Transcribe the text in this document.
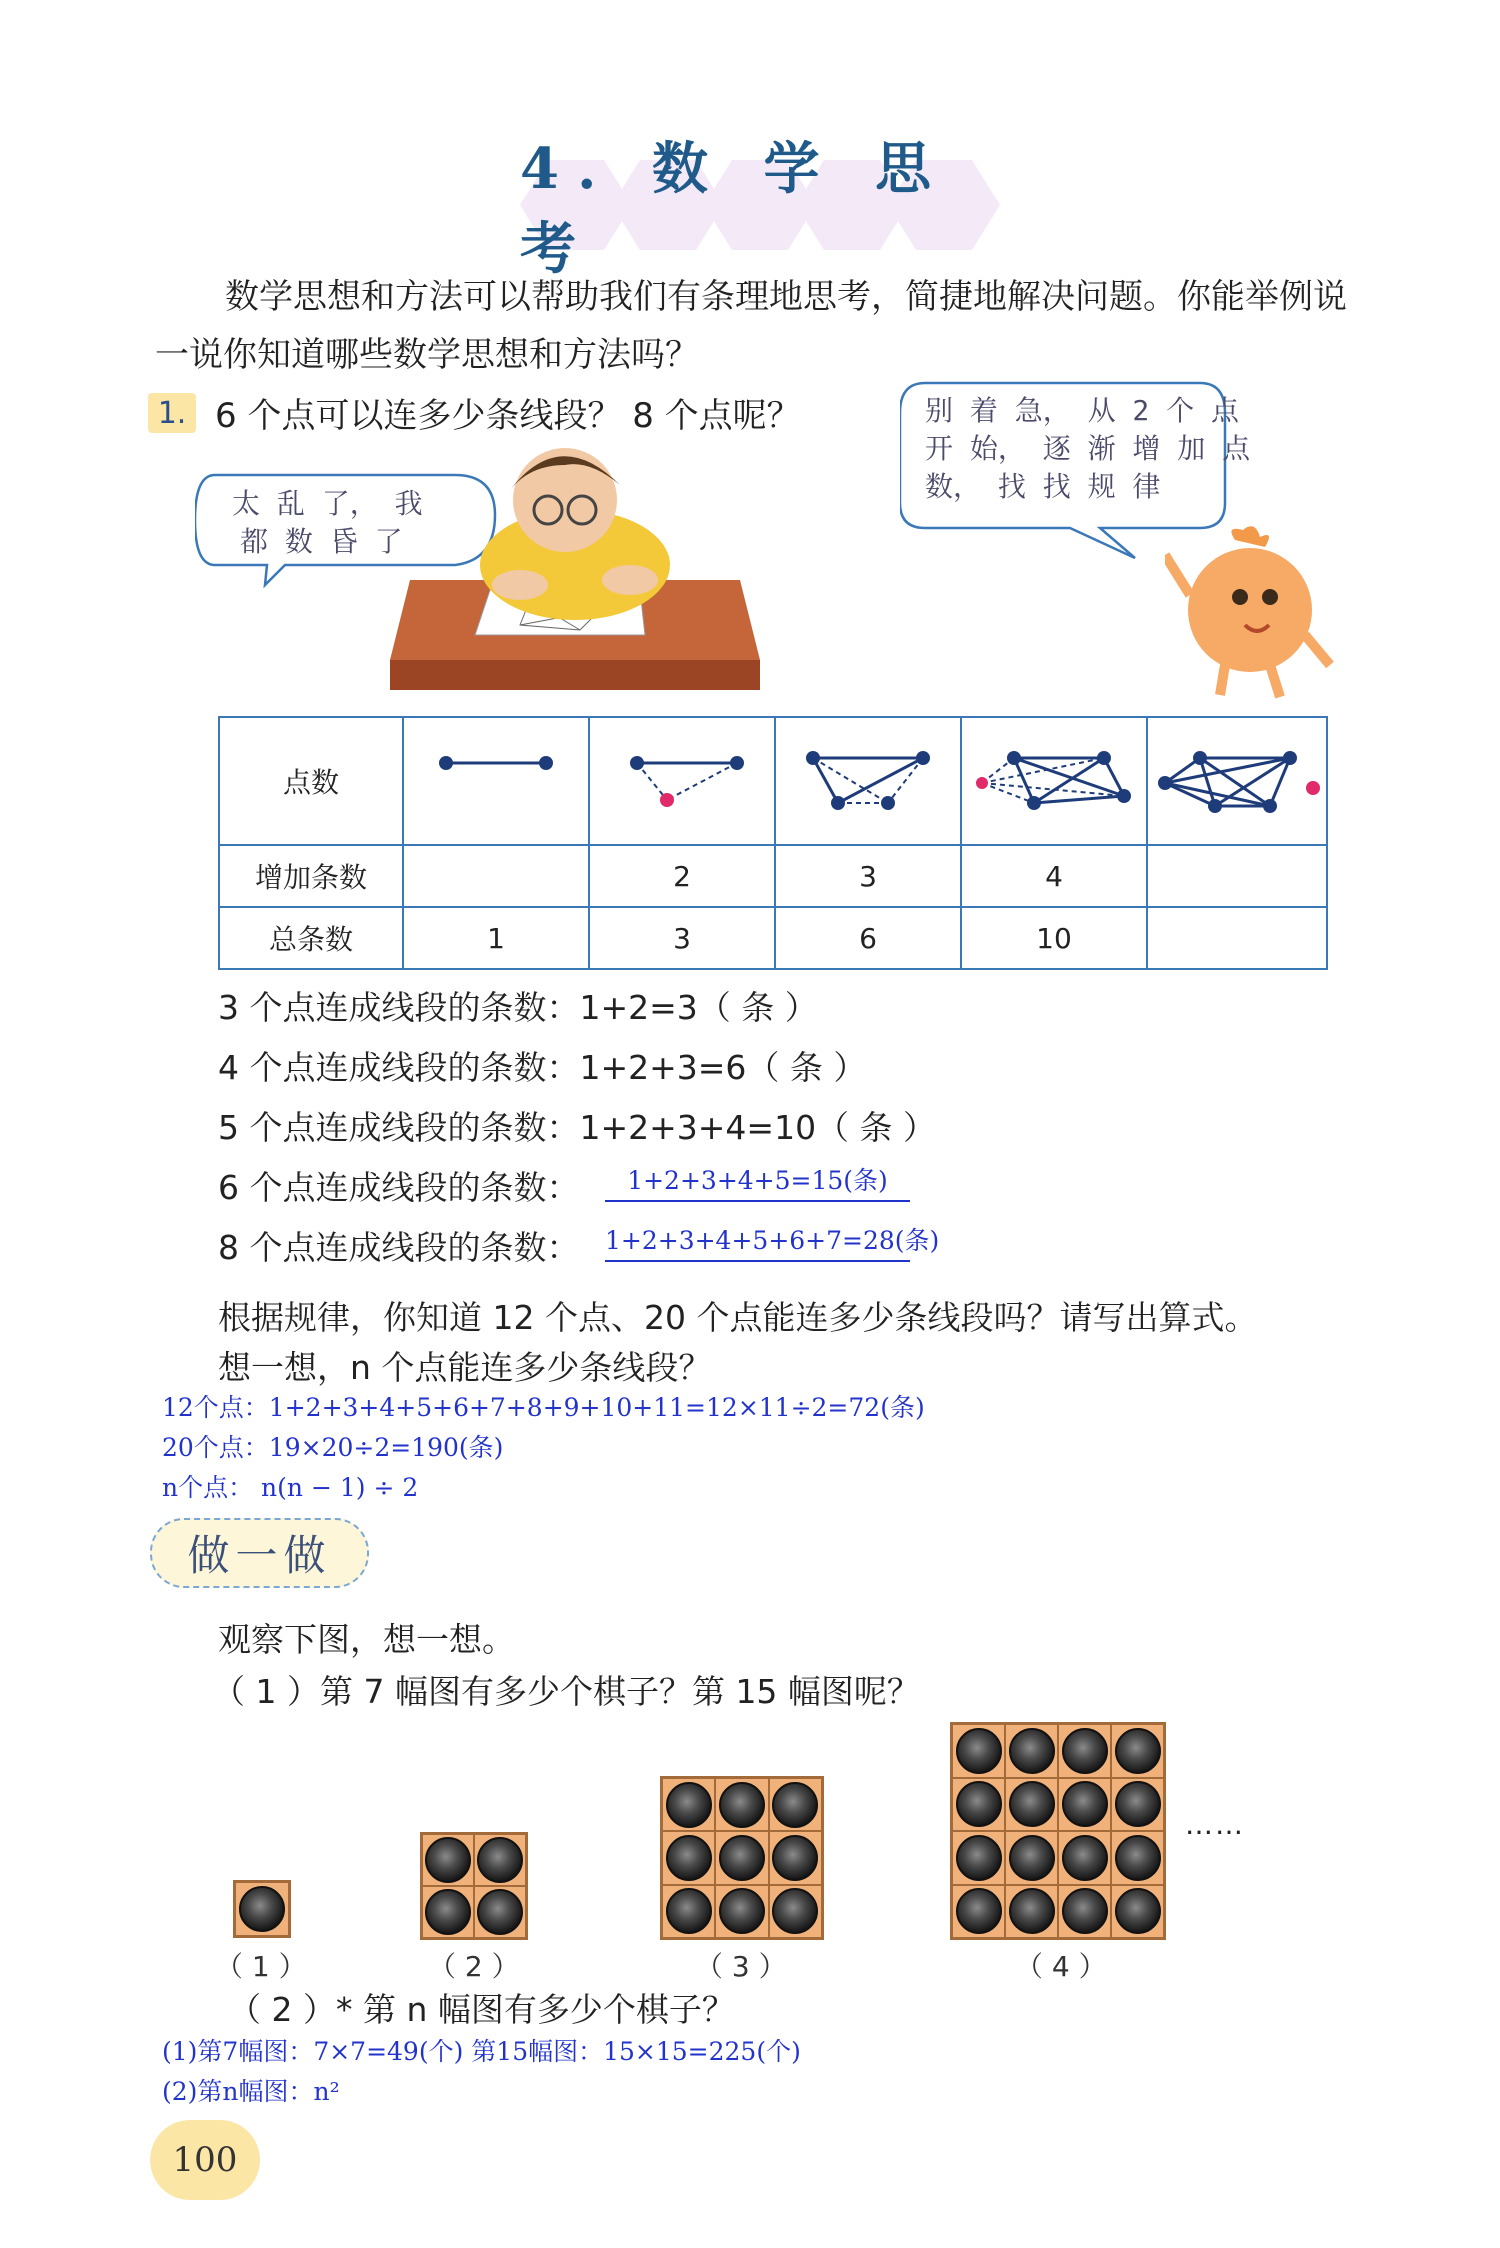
4. 数 学 思 考
数学思想和方法可以帮助我们有条理地思考，简捷地解决问题。你能举例说一说你知道哪些数学思想和方法吗？
1. 6 个点可以连多少条线段？ 8 个点呢？
太 乱 了， 我
都 数 昏 了
别 着 急， 从 2 个 点
开 始， 逐 渐 增 加 点
数， 找 找 规 律
点数					
增加条数		2	3	4	
总条数	1	3	6	10	
3 个点连成线段的条数：1+2=3（ 条 ）
4 个点连成线段的条数：1+2+3=6（ 条 ）
5 个点连成线段的条数：1+2+3+4=10（ 条 ）
6 个点连成线段的条数：	1+2+3+4+5=15(条)
8 个点连成线段的条数： 1+2+3+4+5+6+7=28(条)
根据规律，你知道 12 个点、20 个点能连多少条线段吗？请写出算式。
想一想，n 个点能连多少条线段？
12个点：1+2+3+4+5+6+7+8+9+10+11=12×11÷2=72(条)
20个点：19×20÷2=190(条)
n个点： n(n − 1) ÷ 2
做一做
观察下图，想一想。
（ 1 ）第 7 幅图有多少个棋子？第 15 幅图呢？
……
（ 1 ）	（ 2 ）	（ 3 ）	（ 4 ）
（ 2 ）* 第 n 幅图有多少个棋子？
(1)第7幅图：7×7=49(个) 第15幅图：15×15=225(个)
(2)第n幅图：n²
100
